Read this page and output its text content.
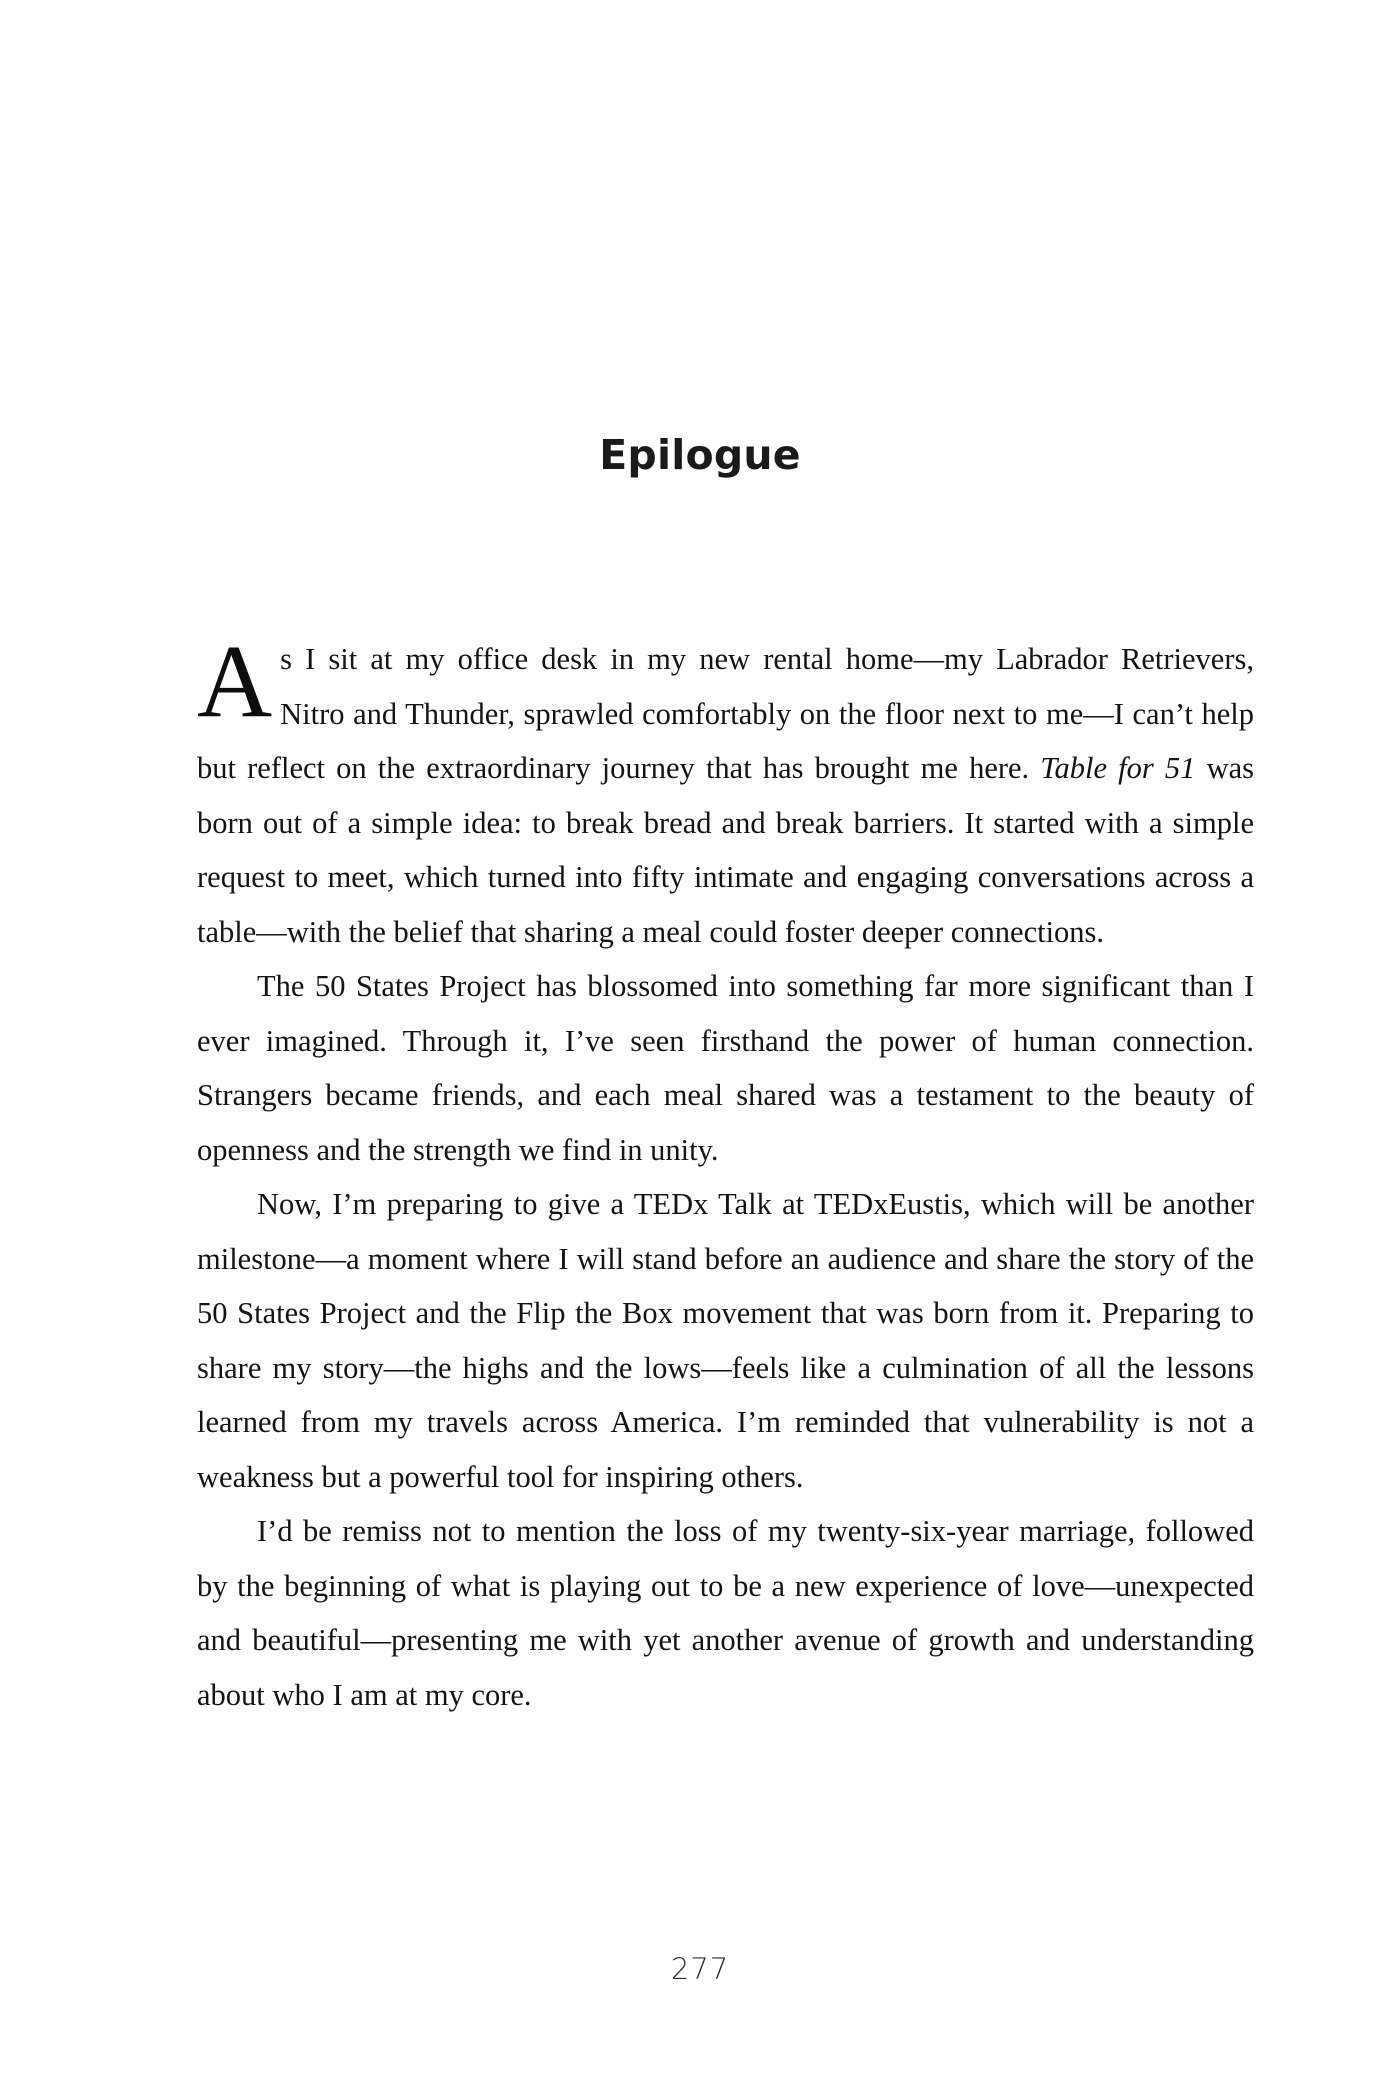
Epilogue

As I sit at my office desk in my new rental home—my Labrador Retrievers, Nitro and Thunder, sprawled comfortably on the floor next to me—I can’t help but reflect on the extraordinary journey that has brought me here. Table for 51 was born out of a simple idea: to break bread and break barriers. It started with a simple request to meet, which turned into fifty intimate and engaging conversations across a table—with the belief that sharing a meal could foster deeper connections.

The 50 States Project has blossomed into something far more significant than I ever imagined. Through it, I’ve seen firsthand the power of human connection. Strangers became friends, and each meal shared was a testament to the beauty of openness and the strength we find in unity.

Now, I’m preparing to give a TEDx Talk at TEDxEustis, which will be another milestone—a moment where I will stand before an audience and share the story of the 50 States Project and the Flip the Box movement that was born from it. Preparing to share my story—the highs and the lows—feels like a culmination of all the lessons learned from my travels across America. I’m reminded that vulnerability is not a weakness but a powerful tool for inspiring others.

I’d be remiss not to mention the loss of my twenty-six-year marriage, followed by the beginning of what is playing out to be a new experience of love—unexpected and beautiful—presenting me with yet another avenue of growth and understanding about who I am at my core.

277
